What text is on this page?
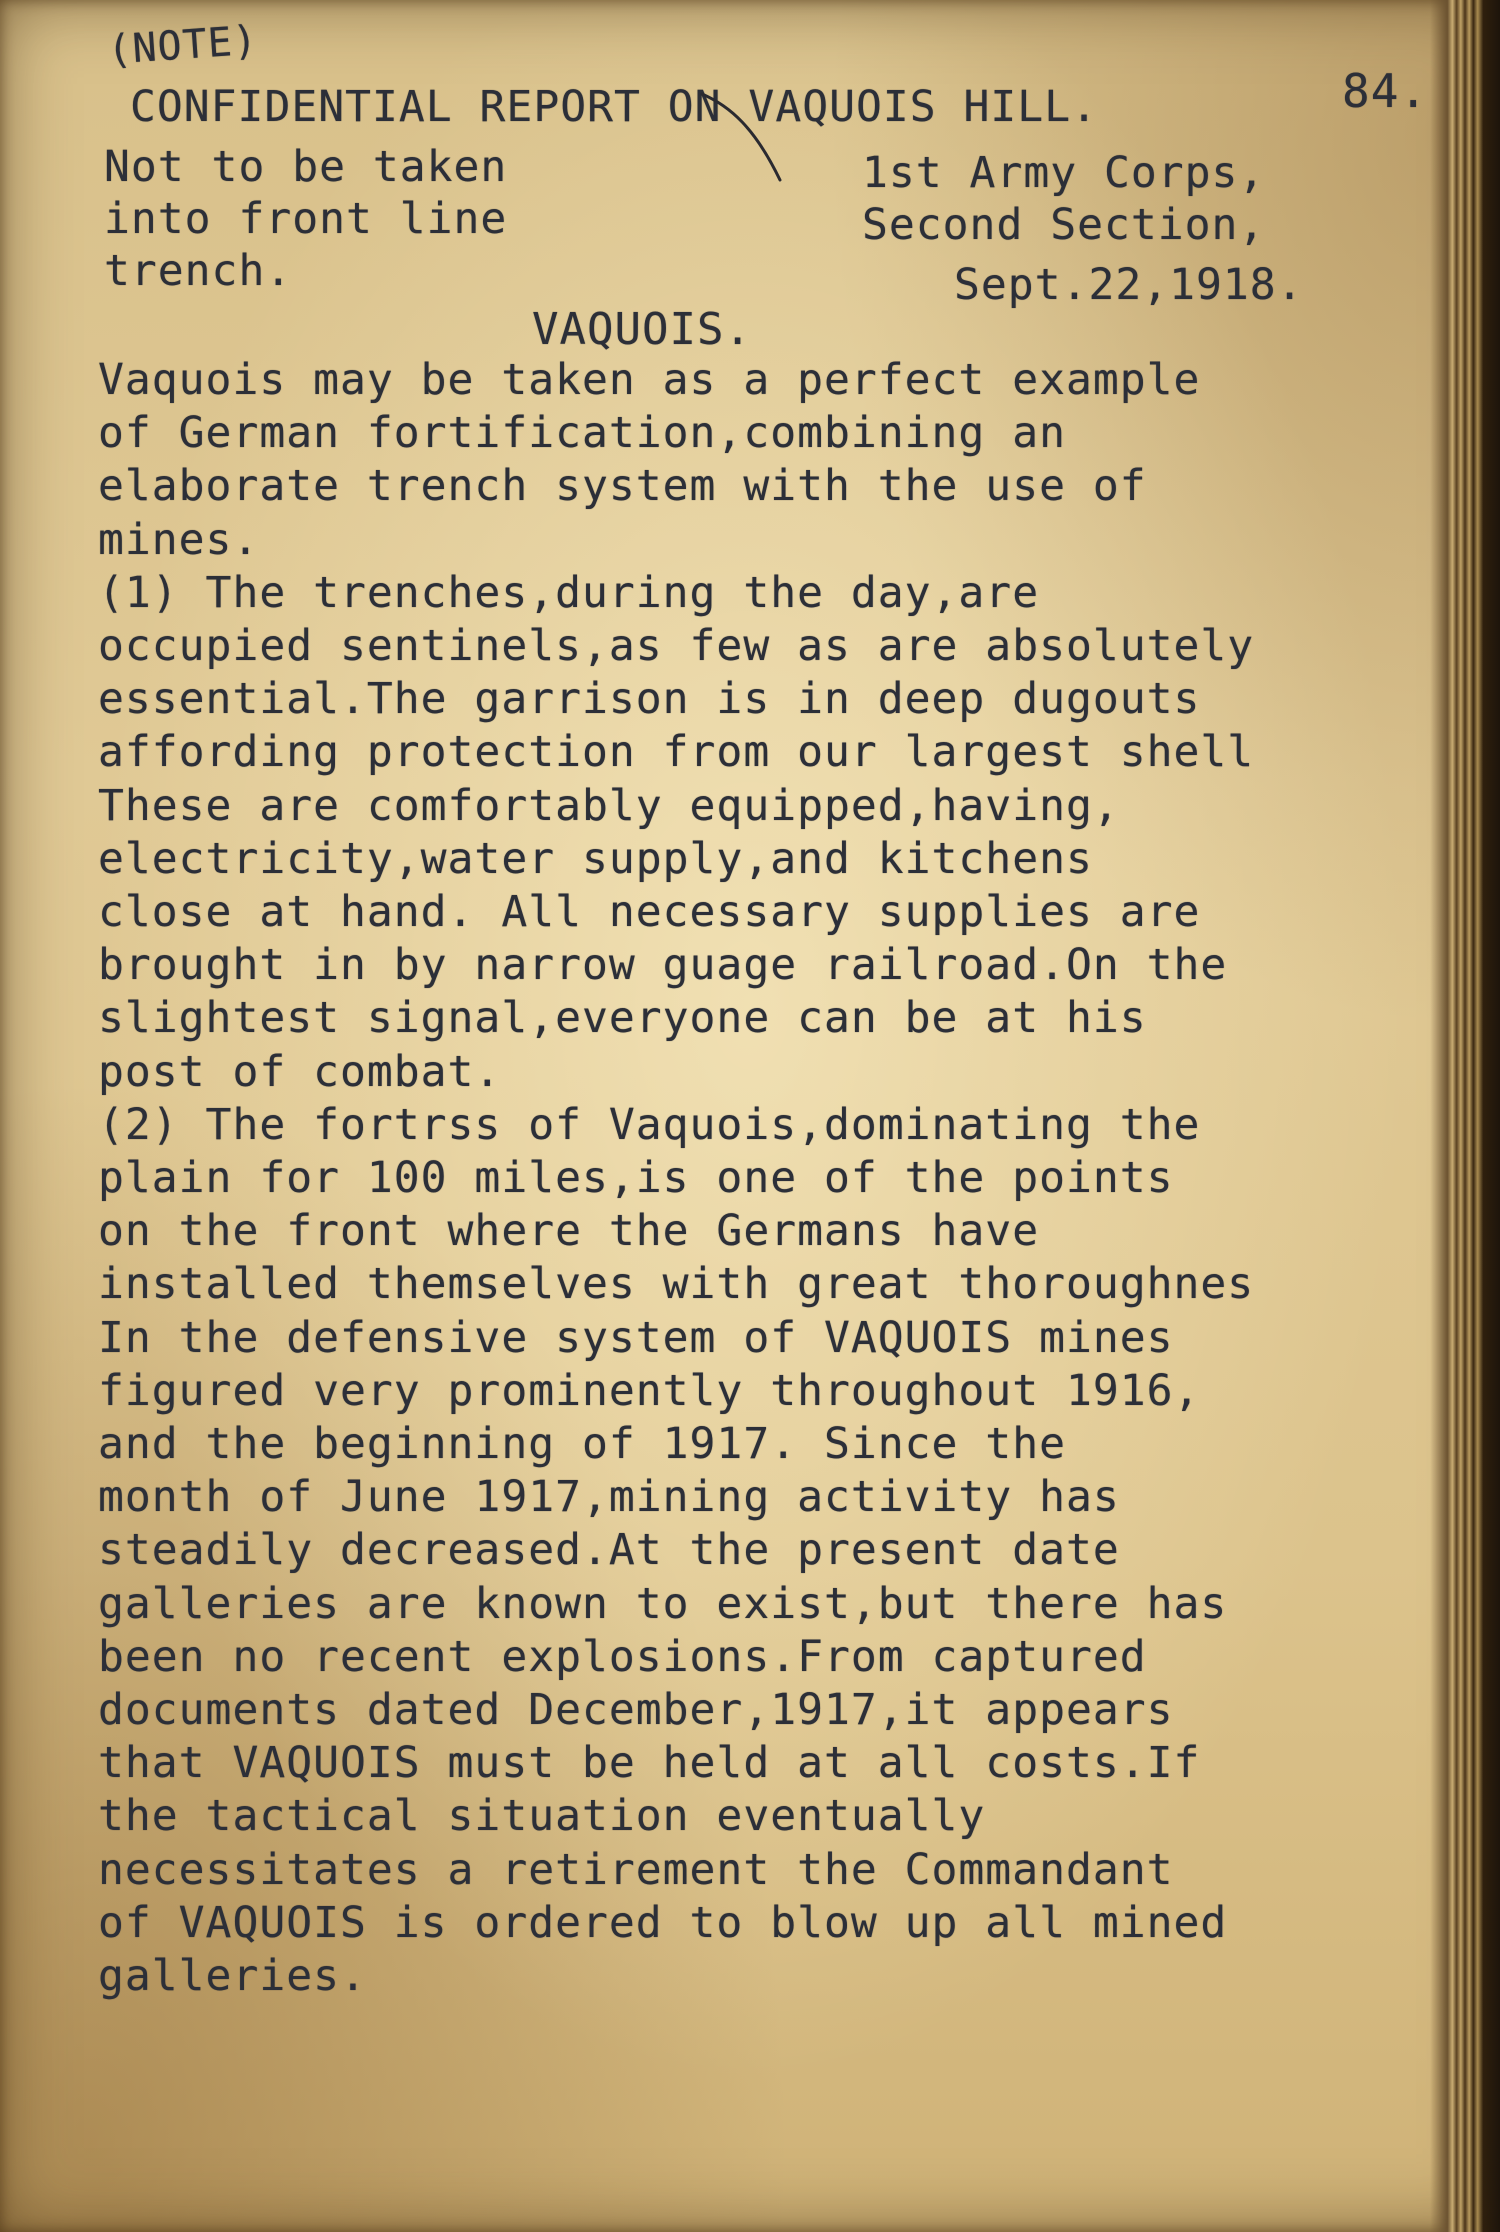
(NOTE)
CONFIDENTIAL REPORT ON VAQUOIS HILL.	84.
Not to be taken
into front line
trench.
1st Army Corps,
Second Section,
Sept.22,1918.
VAQUOIS.
Vaquois may be taken as a perfect example
of German fortification,combining an
elaborate trench system with the use of
mines.
(1) The trenches,during the day,are
occupied sentinels,as few as are absolutely
essential.The garrison is in deep dugouts
affording protection from our largest shell
These are comfortably equipped,having,
electricity,water supply,and kitchens
close at hand. All necessary supplies are
brought in by narrow guage railroad.On the
slightest signal,everyone can be at his
post of combat.
(2) The fortrss of Vaquois,dominating the
plain for 100 miles,is one of the points
on the front where the Germans have
installed themselves with great thoroughnes
In the defensive system of VAQUOIS mines
figured very prominently throughout 1916,
and the beginning of 1917. Since the
month of June 1917,mining activity has
steadily decreased.At the present date
galleries are known to exist,but there has
been no recent explosions.From captured
documents dated December,1917,it appears
that VAQUOIS must be held at all costs.If
the tactical situation eventually
necessitates a retirement the Commandant
of VAQUOIS is ordered to blow up all mined
galleries.
